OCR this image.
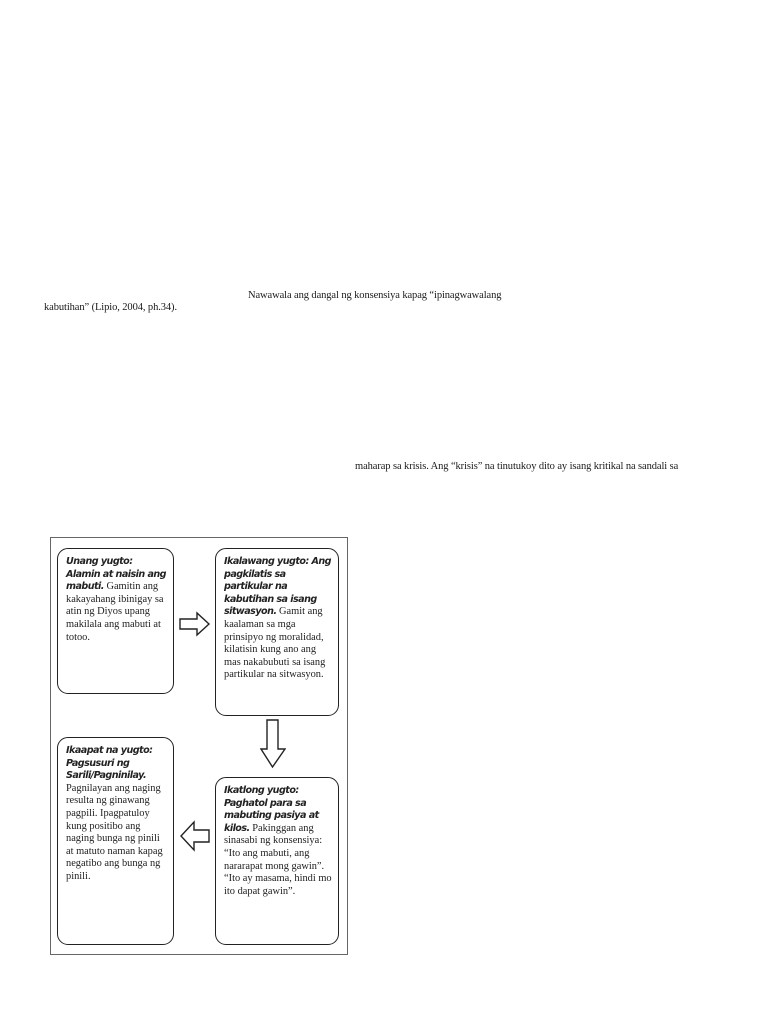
Nawawala ang dangal ng konsensiya kapag “ipinagwawalang
kabutihan” (Lipio, 2004, ph.34).
maharap sa krisis. Ang “krisis” na tinutukoy dito ay isang kritikal na sandali sa
Unang yugto: Alamin at naisin ang mabuti. Gamitin ang kakayahang ibinigay sa atin ng Diyos upang makilala ang mabuti at totoo.
Ikalawang yugto: Ang pagkilatis sa partikular na kabutihan sa isang sitwasyon. Gamit ang kaalaman sa mga prinsipyo ng moralidad, kilatisin kung ano ang mas nakabubuti sa isang partikular na sitwasyon.
Ikaapat na yugto: Pagsusuri ng Sarili/Pagninilay. Pagnilayan ang naging resulta ng ginawang pagpili. Ipagpatuloy kung positibo ang naging bunga ng pinili at matuto naman kapag negatibo ang bunga ng pinili.
Ikatlong yugto: Paghatol para sa mabuting pasiya at kilos. Pakinggan ang sinasabi ng konsensiya: “Ito ang mabuti, ang nararapat mong gawin”. “Ito ay masama, hindi mo ito dapat gawin”.
